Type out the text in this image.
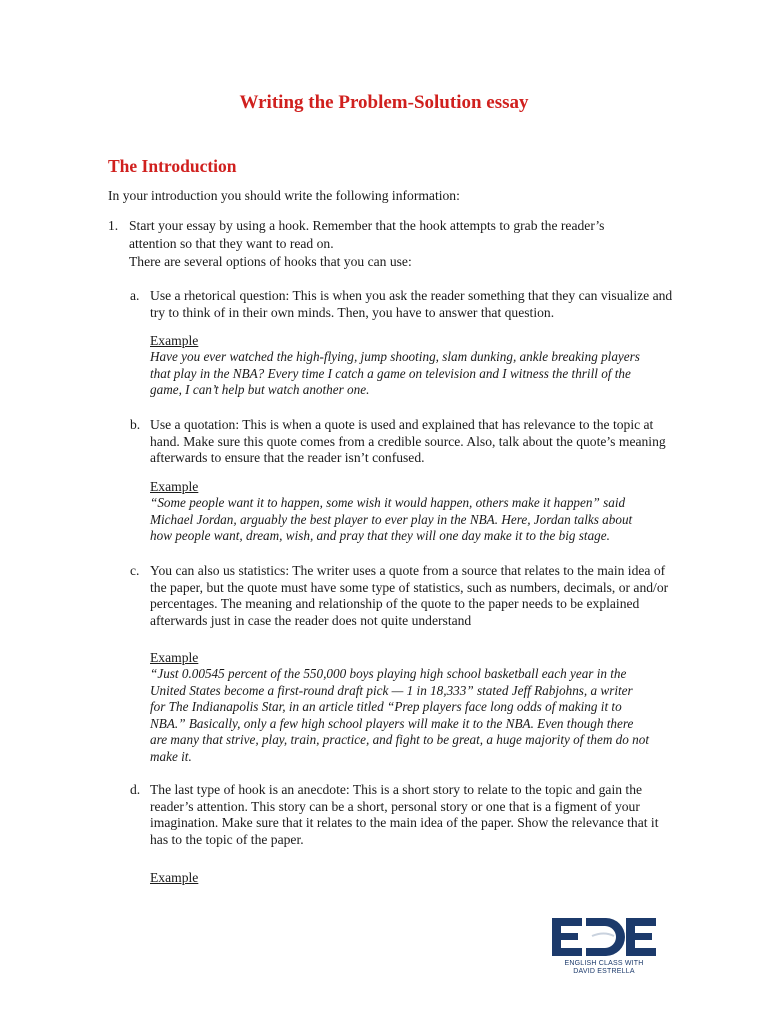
Writing the Problem-Solution essay
The Introduction
In your introduction you should write the following information:
1. Start your essay by using a hook. Remember that the hook attempts to grab the reader’s
attention so that they want to read on.
There are several options of hooks that you can use:
a. Use a rhetorical question: This is when you ask the reader something that they can visualize and try to think of in their own minds. Then, you have to answer that question.
Example
Have you ever watched the high-flying, jump shooting, slam dunking, ankle breaking players that play in the NBA? Every time I catch a game on television and I witness the thrill of the game, I can’t help but watch another one.
b. Use a quotation: This is when a quote is used and explained that has relevance to the topic at hand. Make sure this quote comes from a credible source. Also, talk about the quote’s meaning afterwards to ensure that the reader isn’t confused.
Example
“Some people want it to happen, some wish it would happen, others make it happen” said Michael Jordan, arguably the best player to ever play in the NBA. Here, Jordan talks about how people want, dream, wish, and pray that they will one day make it to the big stage.
c. You can also us statistics: The writer uses a quote from a source that relates to the main idea of the paper, but the quote must have some type of statistics, such as numbers, decimals, or and/or percentages. The meaning and relationship of the quote to the paper needs to be explained afterwards just in case the reader does not quite understand
Example
“Just 0.00545 percent of the 550,000 boys playing high school basketball each year in the United States become a first-round draft pick — 1 in 18,333” stated Jeff Rabjohns, a writer for The Indianapolis Star, in an article titled “Prep players face long odds of making it to NBA.” Basically, only a few high school players will make it to the NBA. Even though there are many that strive, play, train, practice, and fight to be great, a huge majority of them do not make it.
d. The last type of hook is an anecdote: This is a short story to relate to the topic and gain the reader’s attention. This story can be a short, personal story or one that is a figment of your imagination. Make sure that it relates to the main idea of the paper. Show the relevance that it has to the topic of the paper.
Example
ENGLISH CLASS WITH
DAVID ESTRELLA
